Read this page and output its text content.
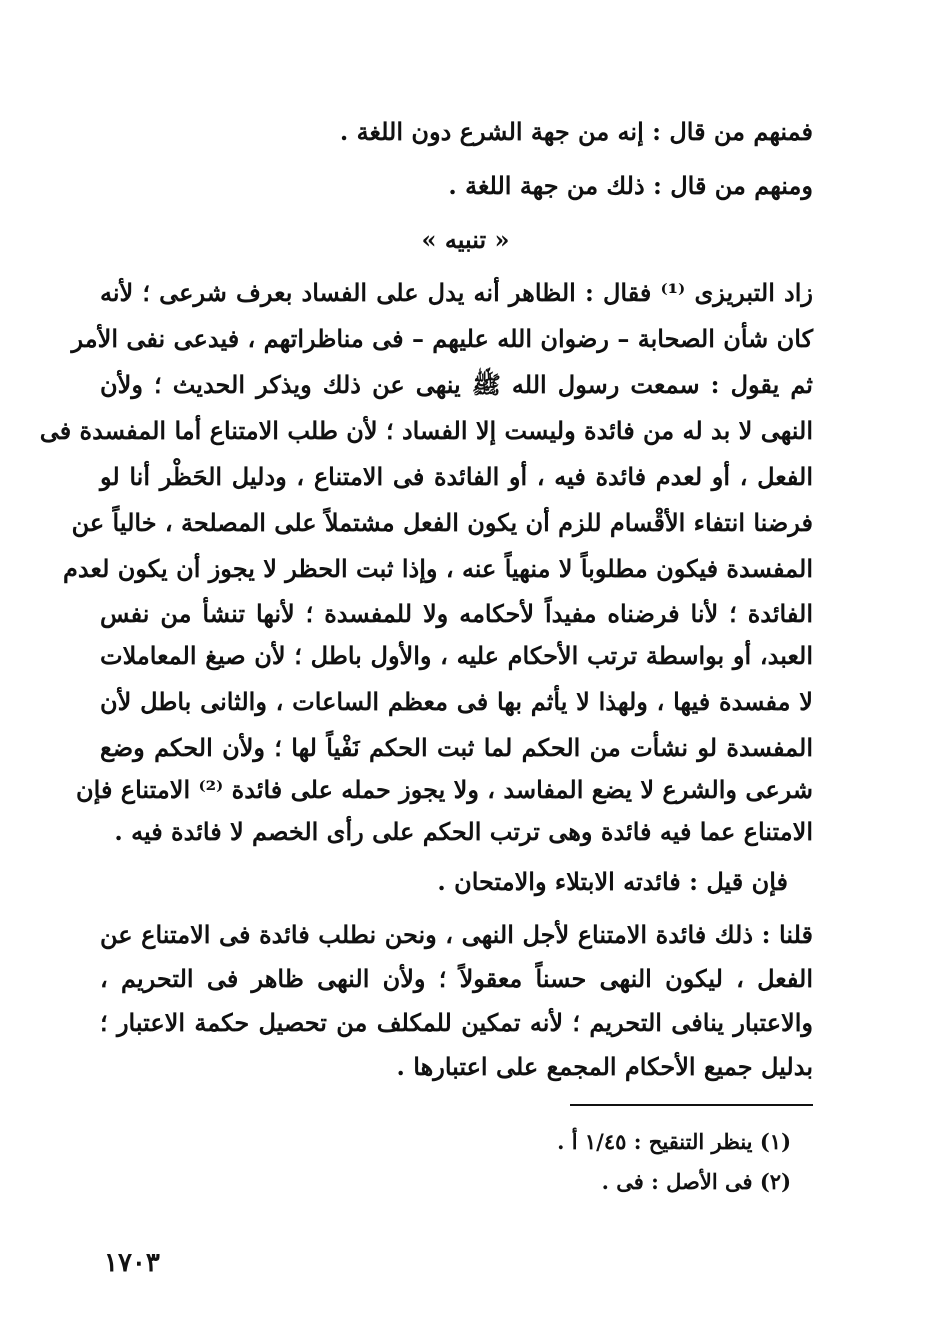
فمنهم من قال : إنه من جهة الشرع دون اللغة .
ومنهم من قال : ذلك من جهة اللغة .
« تنبيه »
زاد التبريزى ⁽¹⁾ فقال : الظاهر أنه يدل على الفساد بعرف شرعى ؛ لأنه
كان شأن الصحابة – رضوان الله عليهم – فى مناظراتهم ، فيدعى نفى الأمر
ثم يقول : سمعت رسول الله ﷺ ينهى عن ذلك ويذكر الحديث ؛ ولأن
النهى لا بد له من فائدة وليست إلا الفساد ؛ لأن طلب الامتناع أما المفسدة فى
الفعل ، أو لعدم فائدة فيه ، أو الفائدة فى الامتناع ، ودليل الحَظْر أنا لو
فرضنا انتفاء الأقْسام للزم أن يكون الفعل مشتملاً على المصلحة ، خالياً عن
المفسدة فيكون مطلوباً لا منهياً عنه ، وإذا ثبت الحظر لا يجوز أن يكون لعدم
الفائدة ؛ لأنا فرضناه مفيداً لأحكامه ولا للمفسدة ؛ لأنها تنشأ من نفس
العبد، أو بواسطة ترتب الأحكام عليه ، والأول باطل ؛ لأن صيغ المعاملات
لا مفسدة فيها ، ولهذا لا يأثم بها فى معظم الساعات ، والثانى باطل لأن
المفسدة لو نشأت من الحكم لما ثبت الحكم نَفْياً لها ؛ ولأن الحكم وضع
شرعى والشرع لا يضع المفاسد ، ولا يجوز حمله على فائدة ⁽²⁾ الامتناع فإن
الامتناع عما فيه فائدة وهى ترتب الحكم على رأى الخصم لا فائدة فيه .
فإن قيل : فائدته الابتلاء والامتحان .
قلنا : ذلك فائدة الامتناع لأجل النهى ، ونحن نطلب فائدة فى الامتناع عن
الفعل ، ليكون النهى حسناً معقولاً ؛ ولأن النهى ظاهر فى التحريم ،
والاعتبار ينافى التحريم ؛ لأنه تمكين للمكلف من تحصيل حكمة الاعتبار ؛
بدليل جميع الأحكام المجمع على اعتبارها .
(١) ينظر التنقيح : ١/٤٥ أ .
(٢) فى الأصل : فى .
١٧٠٣
